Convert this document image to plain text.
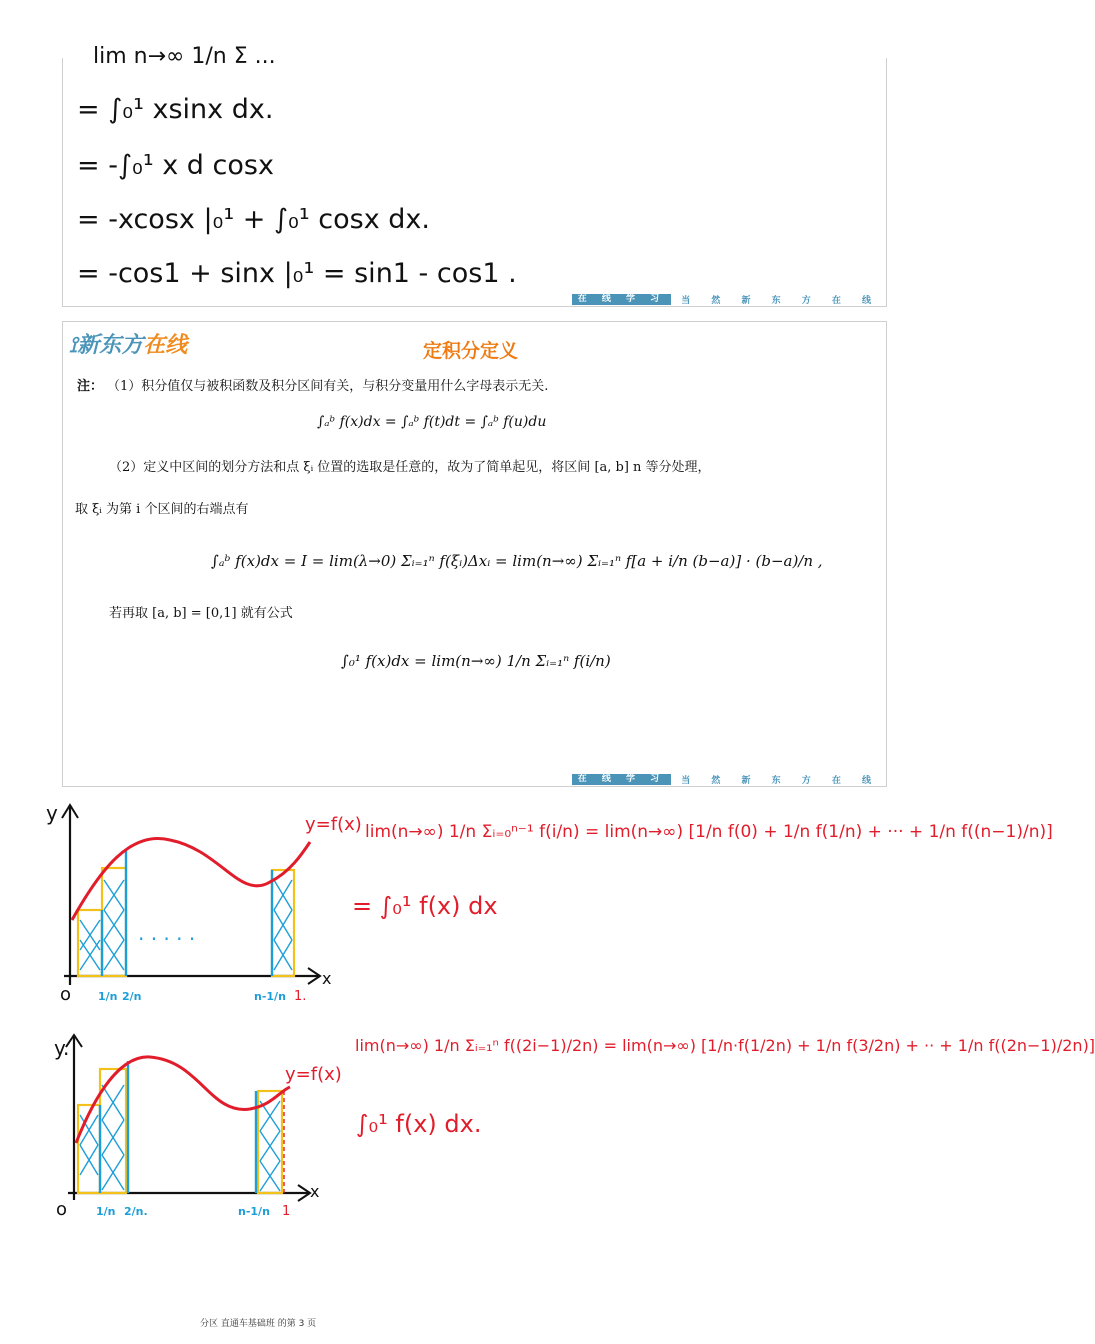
lim n→∞ 1/n Σ ...
= ∫₀¹ xsinx dx.
= -∫₀¹ x d cosx
= -xcosx |₀¹ + ∫₀¹ cosx dx.
= -cos1 + sinx |₀¹ = sin1 - cos1 .
在 线 学 习	当 然 新 东 方 在 线
⟟新东方在线	定积分定义
注： （1）积分值仅与被积函数及积分区间有关，与积分变量用什么字母表示无关.
∫ₐᵇ f(x)dx = ∫ₐᵇ f(t)dt = ∫ₐᵇ f(u)du
（2）定义中区间的划分方法和点 ξᵢ 位置的选取是任意的，故为了简单起见，将区间 [a, b] n 等分处理，
取 ξᵢ 为第 i 个区间的右端点有
∫ₐᵇ f(x)dx = I = lim(λ→0) Σᵢ₌₁ⁿ f(ξᵢ)Δxᵢ = lim(n→∞) Σᵢ₌₁ⁿ f[a + i/n (b−a)] · (b−a)/n ,
若再取 [a, b] = [0,1] 就有公式
∫₀¹ f(x)dx = lim(n→∞) 1/n Σᵢ₌₁ⁿ f(i/n)
在 线 学 习	当 然 新 东 方 在 线
. . . . .
y
x
o 1/n 2/n	n-1/n 1.
y=f(x) lim(n→∞) 1/n Σᵢ₌₀ⁿ⁻¹ f(i/n) = lim(n→∞) [1/n f(0) + 1/n f(1/n) + ··· + 1/n f((n−1)/n)]
= ∫₀¹ f(x) dx
y.
x
o	1/n 2/n.	n-1/n 1
y=f(x)
lim(n→∞) 1/n Σᵢ₌₁ⁿ f((2i−1)/2n) = lim(n→∞) [1/n·f(1/2n) + 1/n f(3/2n) + ·· + 1/n f((2n−1)/2n)]
∫₀¹ f(x) dx.
分区 直通车基础班 的第 3 页
